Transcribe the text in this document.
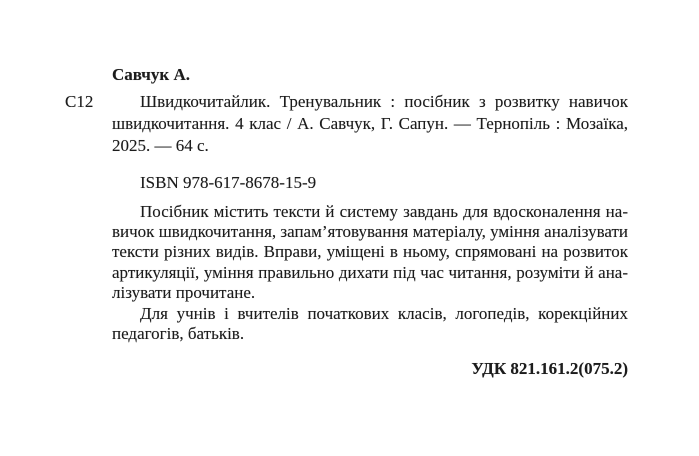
Савчук А.
С12	Швидкочитайлик. Тренувальник : посібник з розвитку навичок
швидкочитання. 4 клас / А. Савчук, Г. Сапун. — Тернопіль : Мозаїка,
2025. — 64 с.
ISBN 978-617-8678-15-9
Посібник містить тексти й систему завдань для вдосконалення на-
вичок швидкочитання, запам’ятовування матеріалу, уміння аналізувати
тексти різних видів. Вправи, уміщені в ньому, спрямовані на розвиток
артикуляції, уміння правильно дихати під час читання, розуміти й ана-
лізувати прочитане.
Для учнів і вчителів початкових класів, логопедів, корекційних
педагогів, батьків.
УДК 821.161.2(075.2)
